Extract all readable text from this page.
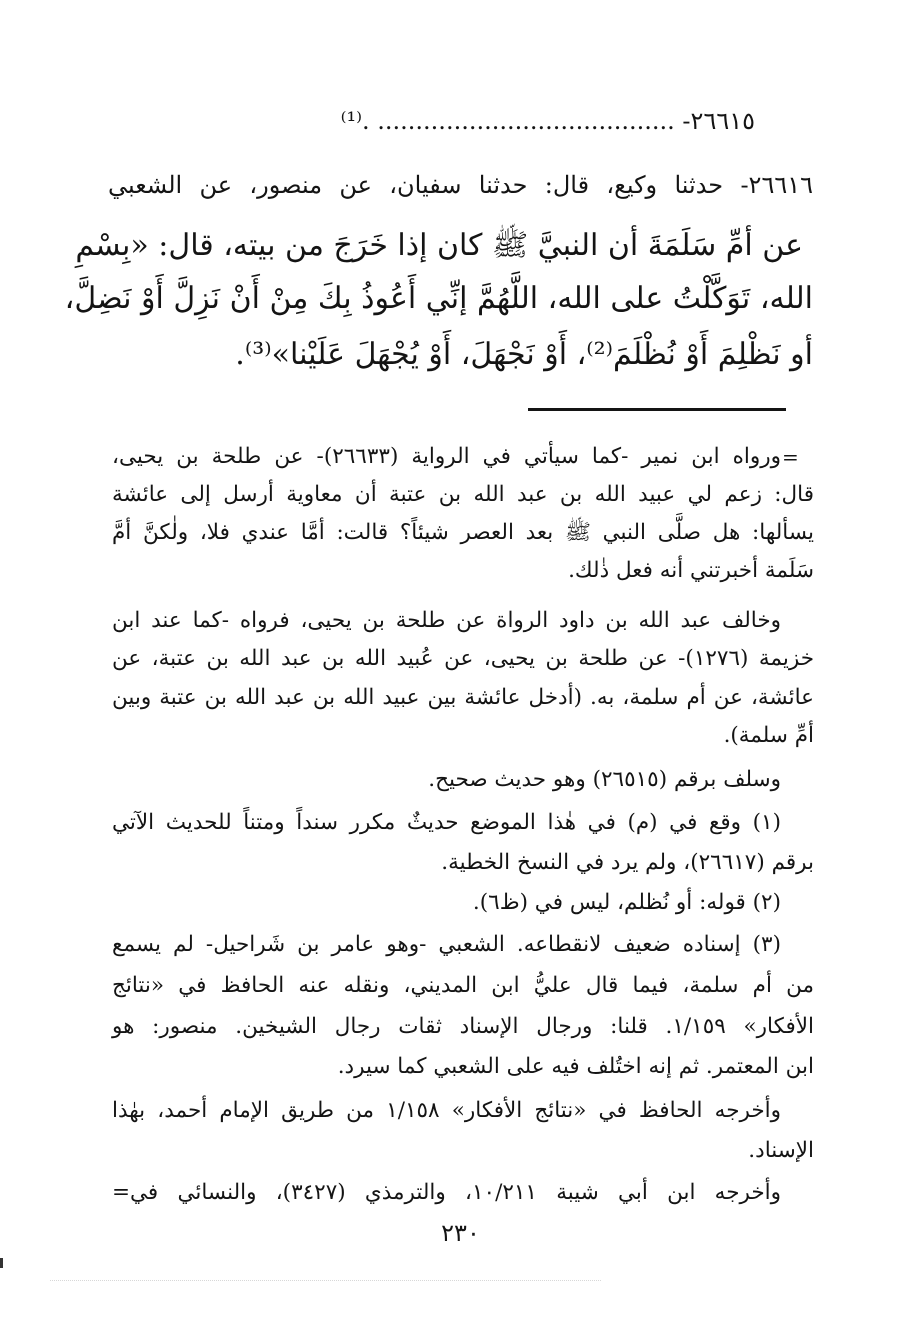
٢٦٦١٥- ....................................... .⁽¹⁾
٢٦٦١٦- حدثنا وكيع، قال: حدثنا سفيان، عن منصور، عن الشعبي
عن أمِّ سَلَمَةَ أن النبيَّ ﷺ كان إذا خَرَجَ من بيته، قال: «بِسْمِ
الله، تَوَكَّلْتُ على الله، اللَّهُمَّ إنِّي أَعُوذُ بِكَ مِنْ أَنْ نَزِلَّ أَوْ نَضِلَّ،
أو نَظْلِمَ أَوْ نُظْلَمَ⁽²⁾، أَوْ نَجْهَلَ، أَوْ يُجْهَلَ عَلَيْنا»⁽³⁾.
=
ورواه ابن نمير -كما سيأتي في الرواية (٢٦٦٣٣)- عن طلحة بن يحيى،
قال: زعم لي عبيد الله بن عبد الله بن عتبة أن معاوية أرسل إلى عائشة
يسألها: هل صلَّى النبي ﷺ بعد العصر شيئاً؟ قالت: أمَّا عندي فلا، ولٰكنَّ أمَّ
سَلَمة أخبرتني أنه فعل ذٰلك.
وخالف عبد الله بن داود الرواة عن طلحة بن يحيى، فرواه -كما عند ابن
خزيمة (١٢٧٦)- عن طلحة بن يحيى، عن عُبيد الله بن عبد الله بن عتبة، عن
عائشة، عن أم سلمة، به. (أدخل عائشة بين عبيد الله بن عبد الله بن عتبة وبين
أمِّ سلمة).
وسلف برقم (٢٦٥١٥) وهو حديث صحيح.
(١) وقع في (م) في هٰذا الموضع حديثٌ مكرر سنداً ومتناً للحديث الآتي
برقم (٢٦٦١٧)، ولم يرد في النسخ الخطية.
(٢) قوله: أو نُظلم، ليس في (ظ٦).
(٣) إسناده ضعيف لانقطاعه. الشعبي -وهو عامر بن شَراحيل- لم يسمع
من أم سلمة، فيما قال عليُّ ابن المديني، ونقله عنه الحافظ في «نتائج
الأفكار» ١/١٥٩. قلنا: ورجال الإسناد ثقات رجال الشيخين. منصور: هو
ابن المعتمر. ثم إنه اختُلف فيه على الشعبي كما سيرد.
وأخرجه الحافظ في «نتائج الأفكار» ١/١٥٨ من طريق الإمام أحمد، بهٰذا
الإسناد.
وأخرجه ابن أبي شيبة ١٠/٢١١، والترمذي (٣٤٢٧)، والنسائي في=
٢٣٠
